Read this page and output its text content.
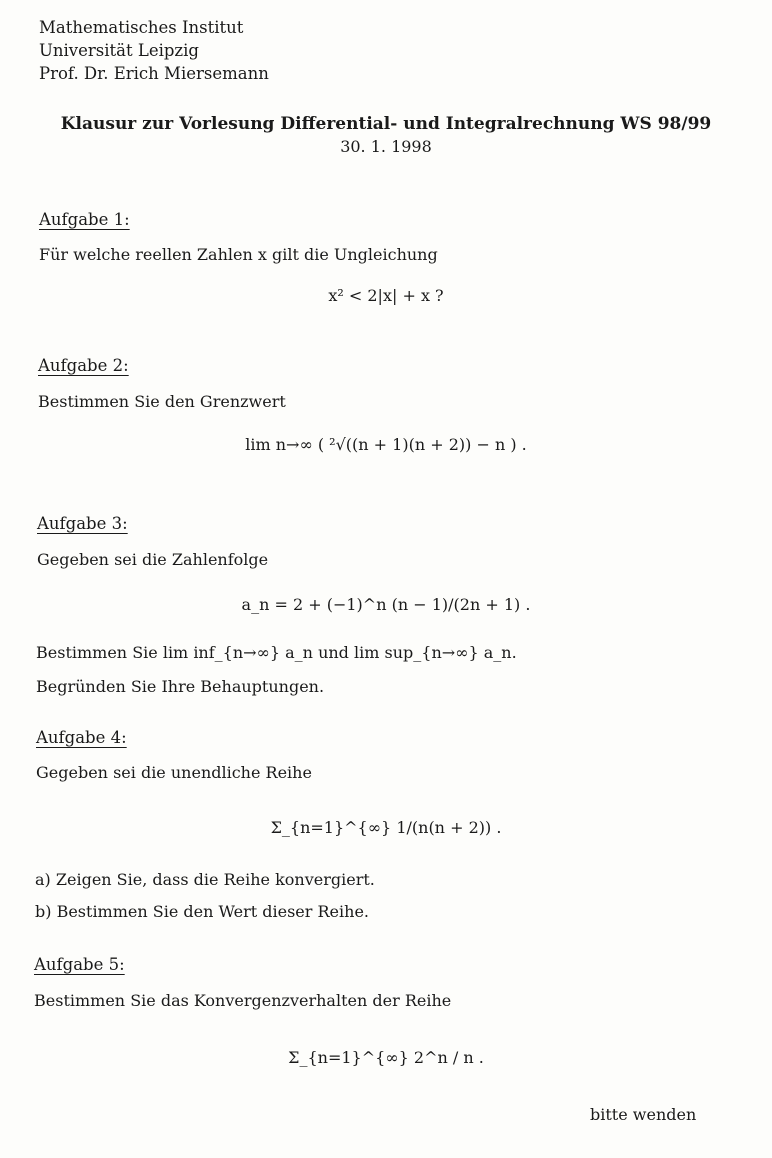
Mathematisches Institut
Universität Leipzig
Prof. Dr. Erich Miersemann
Klausur zur Vorlesung Differential- und Integralrechnung WS 98/99
30. 1. 1998
Aufgabe 1:
Für welche reellen Zahlen x gilt die Ungleichung
x² < 2|x| + x ?
Aufgabe 2:
Bestimmen Sie den Grenzwert
lim n→∞ ( ²√((n + 1)(n + 2)) − n ) .
Aufgabe 3:
Gegeben sei die Zahlenfolge
a_n = 2 + (−1)^n (n − 1)/(2n + 1) .
Bestimmen Sie lim inf_{n→∞} a_n und lim sup_{n→∞} a_n.
Begründen Sie Ihre Behauptungen.
Aufgabe 4:
Gegeben sei die unendliche Reihe
Σ_{n=1}^{∞} 1/(n(n + 2)) .
a) Zeigen Sie, dass die Reihe konvergiert.
b) Bestimmen Sie den Wert dieser Reihe.
Aufgabe 5:
Bestimmen Sie das Konvergenzverhalten der Reihe
Σ_{n=1}^{∞} 2^n / n .
bitte wenden
